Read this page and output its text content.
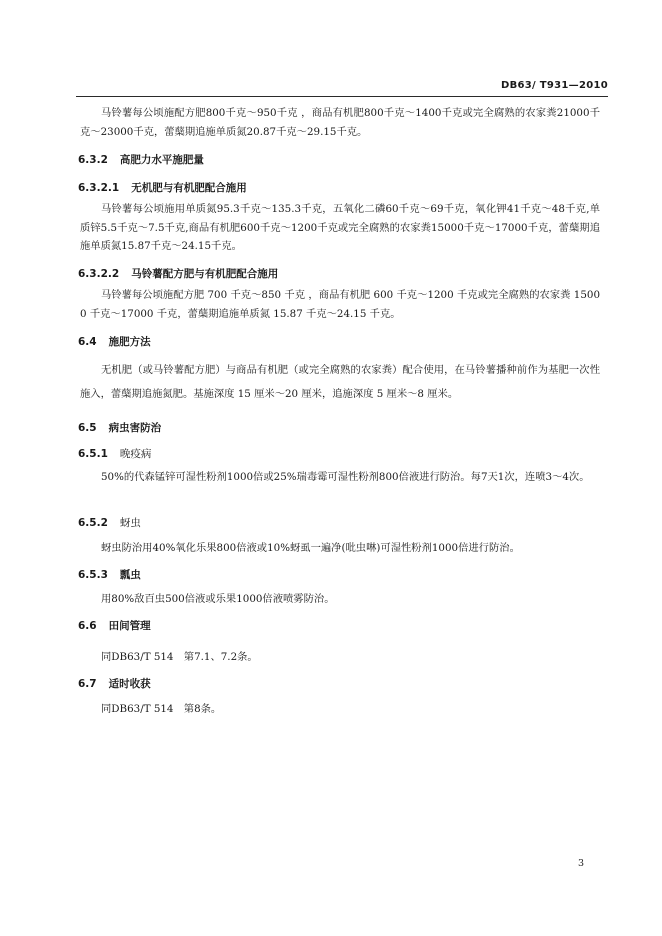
DB63/ T931—2010
马铃薯每公顷施配方肥800千克～950千克 ，商品有机肥800千克～1400千克或完全腐熟的农家粪21000千克～23000千克，蕾蘖期追施单质氮20.87千克～29.15千克。
6.3.2 高肥力水平施肥量
6.3.2.1 无机肥与有机肥配合施用
马铃薯每公顷施用单质氮95.3千克～135.3千克，五氧化二磷60千克～69千克，氧化钾41千克～48千克,单质锌5.5千克～7.5千克,商品有机肥600千克～1200千克或完全腐熟的农家粪15000千克～17000千克，蕾蘖期追施单质氮15.87千克～24.15千克。
6.3.2.2 马铃薯配方肥与有机肥配合施用
马铃薯每公顷施配方肥 700 千克～850 千克 ，商品有机肥 600 千克～1200 千克或完全腐熟的农家粪 15000 千克～17000 千克，蕾蘖期追施单质氮 15.87 千克～24.15 千克。
6.4 施肥方法
无机肥（或马铃薯配方肥）与商品有机肥（或完全腐熟的农家粪）配合使用，在马铃薯播种前作为基肥一次性施入，蕾蘖期追施氮肥。基施深度 15 厘米～20 厘米，追施深度 5 厘米～8 厘米。
6.5 病虫害防治
6.5.1 晚疫病
50%的代森锰锌可湿性粉剂1000倍或25%瑞毒霉可湿性粉剂800倍液进行防治。每7天1次，连喷3～4次。
6.5.2 蚜虫
蚜虫防治用40%氧化乐果800倍液或10%蚜虱一遍净(吡虫啉)可湿性粉剂1000倍进行防治。
6.5.3 瓢虫
用80%敌百虫500倍液或乐果1000倍液喷雾防治。
6.6 田间管理
同DB63/T 514　第7.1、7.2条。
6.7 适时收获
同DB63/T 514　第8条。
3
